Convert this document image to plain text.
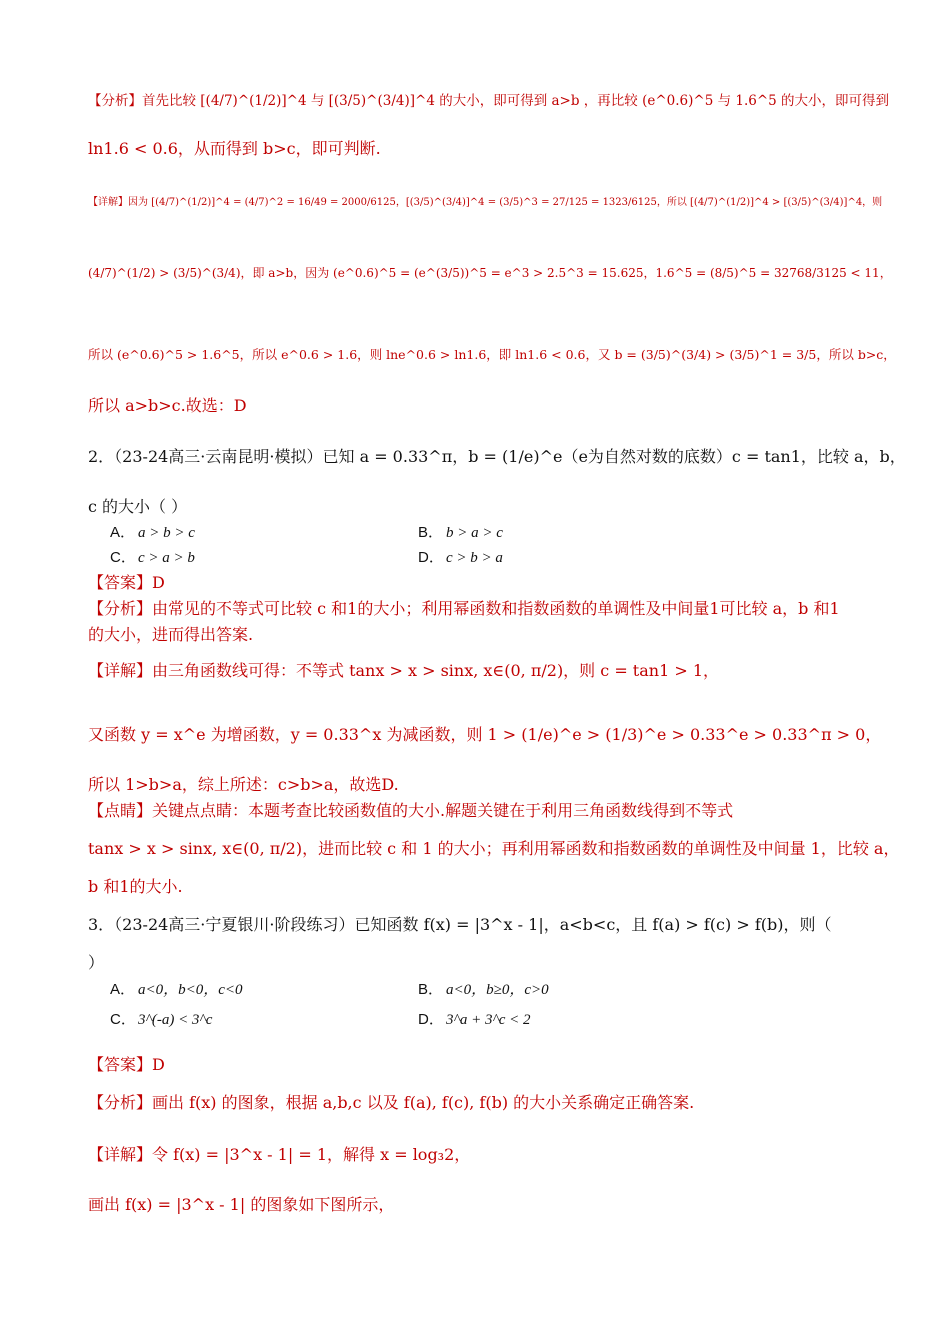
【分析】首先比较 [(4/7)^(1/2)]^4 与 [(3/5)^(3/4)]^4 的大小，即可得到 a>b ，再比较 (e^0.6)^5 与 1.6^5 的大小，即可得到
ln1.6 < 0.6，从而得到 b>c，即可判断.
【详解】因为 [(4/7)^(1/2)]^4 = (4/7)^2 = 16/49 = 2000/6125，[(3/5)^(3/4)]^4 = (3/5)^3 = 27/125 = 1323/6125，所以 [(4/7)^(1/2)]^4 > [(3/5)^(3/4)]^4，则
(4/7)^(1/2) > (3/5)^(3/4)，即 a>b，因为 (e^0.6)^5 = (e^(3/5))^5 = e^3 > 2.5^3 = 15.625，1.6^5 = (8/5)^5 = 32768/3125 < 11，
所以 (e^0.6)^5 > 1.6^5，所以 e^0.6 > 1.6，则 lne^0.6 > ln1.6，即 ln1.6 < 0.6，又 b = (3/5)^(3/4) > (3/5)^1 = 3/5，所以 b>c，
所以 a>b>c.故选：D
2．（23-24高三·云南昆明·模拟）已知 a = 0.33^π，b = (1/e)^e（e为自然对数的底数）c = tan1，比较 a，b，
c 的大小（ ）
【答案】D
【分析】由常见的不等式可比较 c 和1的大小；利用幂函数和指数函数的单调性及中间量1可比较 a，b 和1
的大小，进而得出答案.
【详解】由三角函数线可得：不等式 tanx > x > sinx, x∈(0, π/2)，则 c = tan1 > 1，
又函数 y = x^e 为增函数，y = 0.33^x 为减函数，则 1 > (1/e)^e > (1/3)^e > 0.33^e > 0.33^π > 0，
所以 1>b>a，综上所述：c>b>a，故选D.
【点睛】关键点点睛：本题考查比较函数值的大小.解题关键在于利用三角函数线得到不等式
tanx > x > sinx, x∈(0, π/2)，进而比较 c 和 1 的大小；再利用幂函数和指数函数的单调性及中间量 1，比较 a，
b 和1的大小.
3．（23-24高三·宁夏银川·阶段练习）已知函数 f(x) = |3^x - 1|，a<b<c，且 f(a) > f(c) > f(b)，则（
）
【答案】D
【分析】画出 f(x) 的图象，根据 a,b,c 以及 f(a), f(c), f(b) 的大小关系确定正确答案.
【详解】令 f(x) = |3^x - 1| = 1，解得 x = log₃2，
画出 f(x) = |3^x - 1| 的图象如下图所示，
A． a > b > c	B． b > a > c
C． c > a > b	D． c > b > a
A． a<0，b<0，c<0	B． a<0，b≥0，c>0
C． 3^(-a) < 3^c	D． 3^a + 3^c < 2
